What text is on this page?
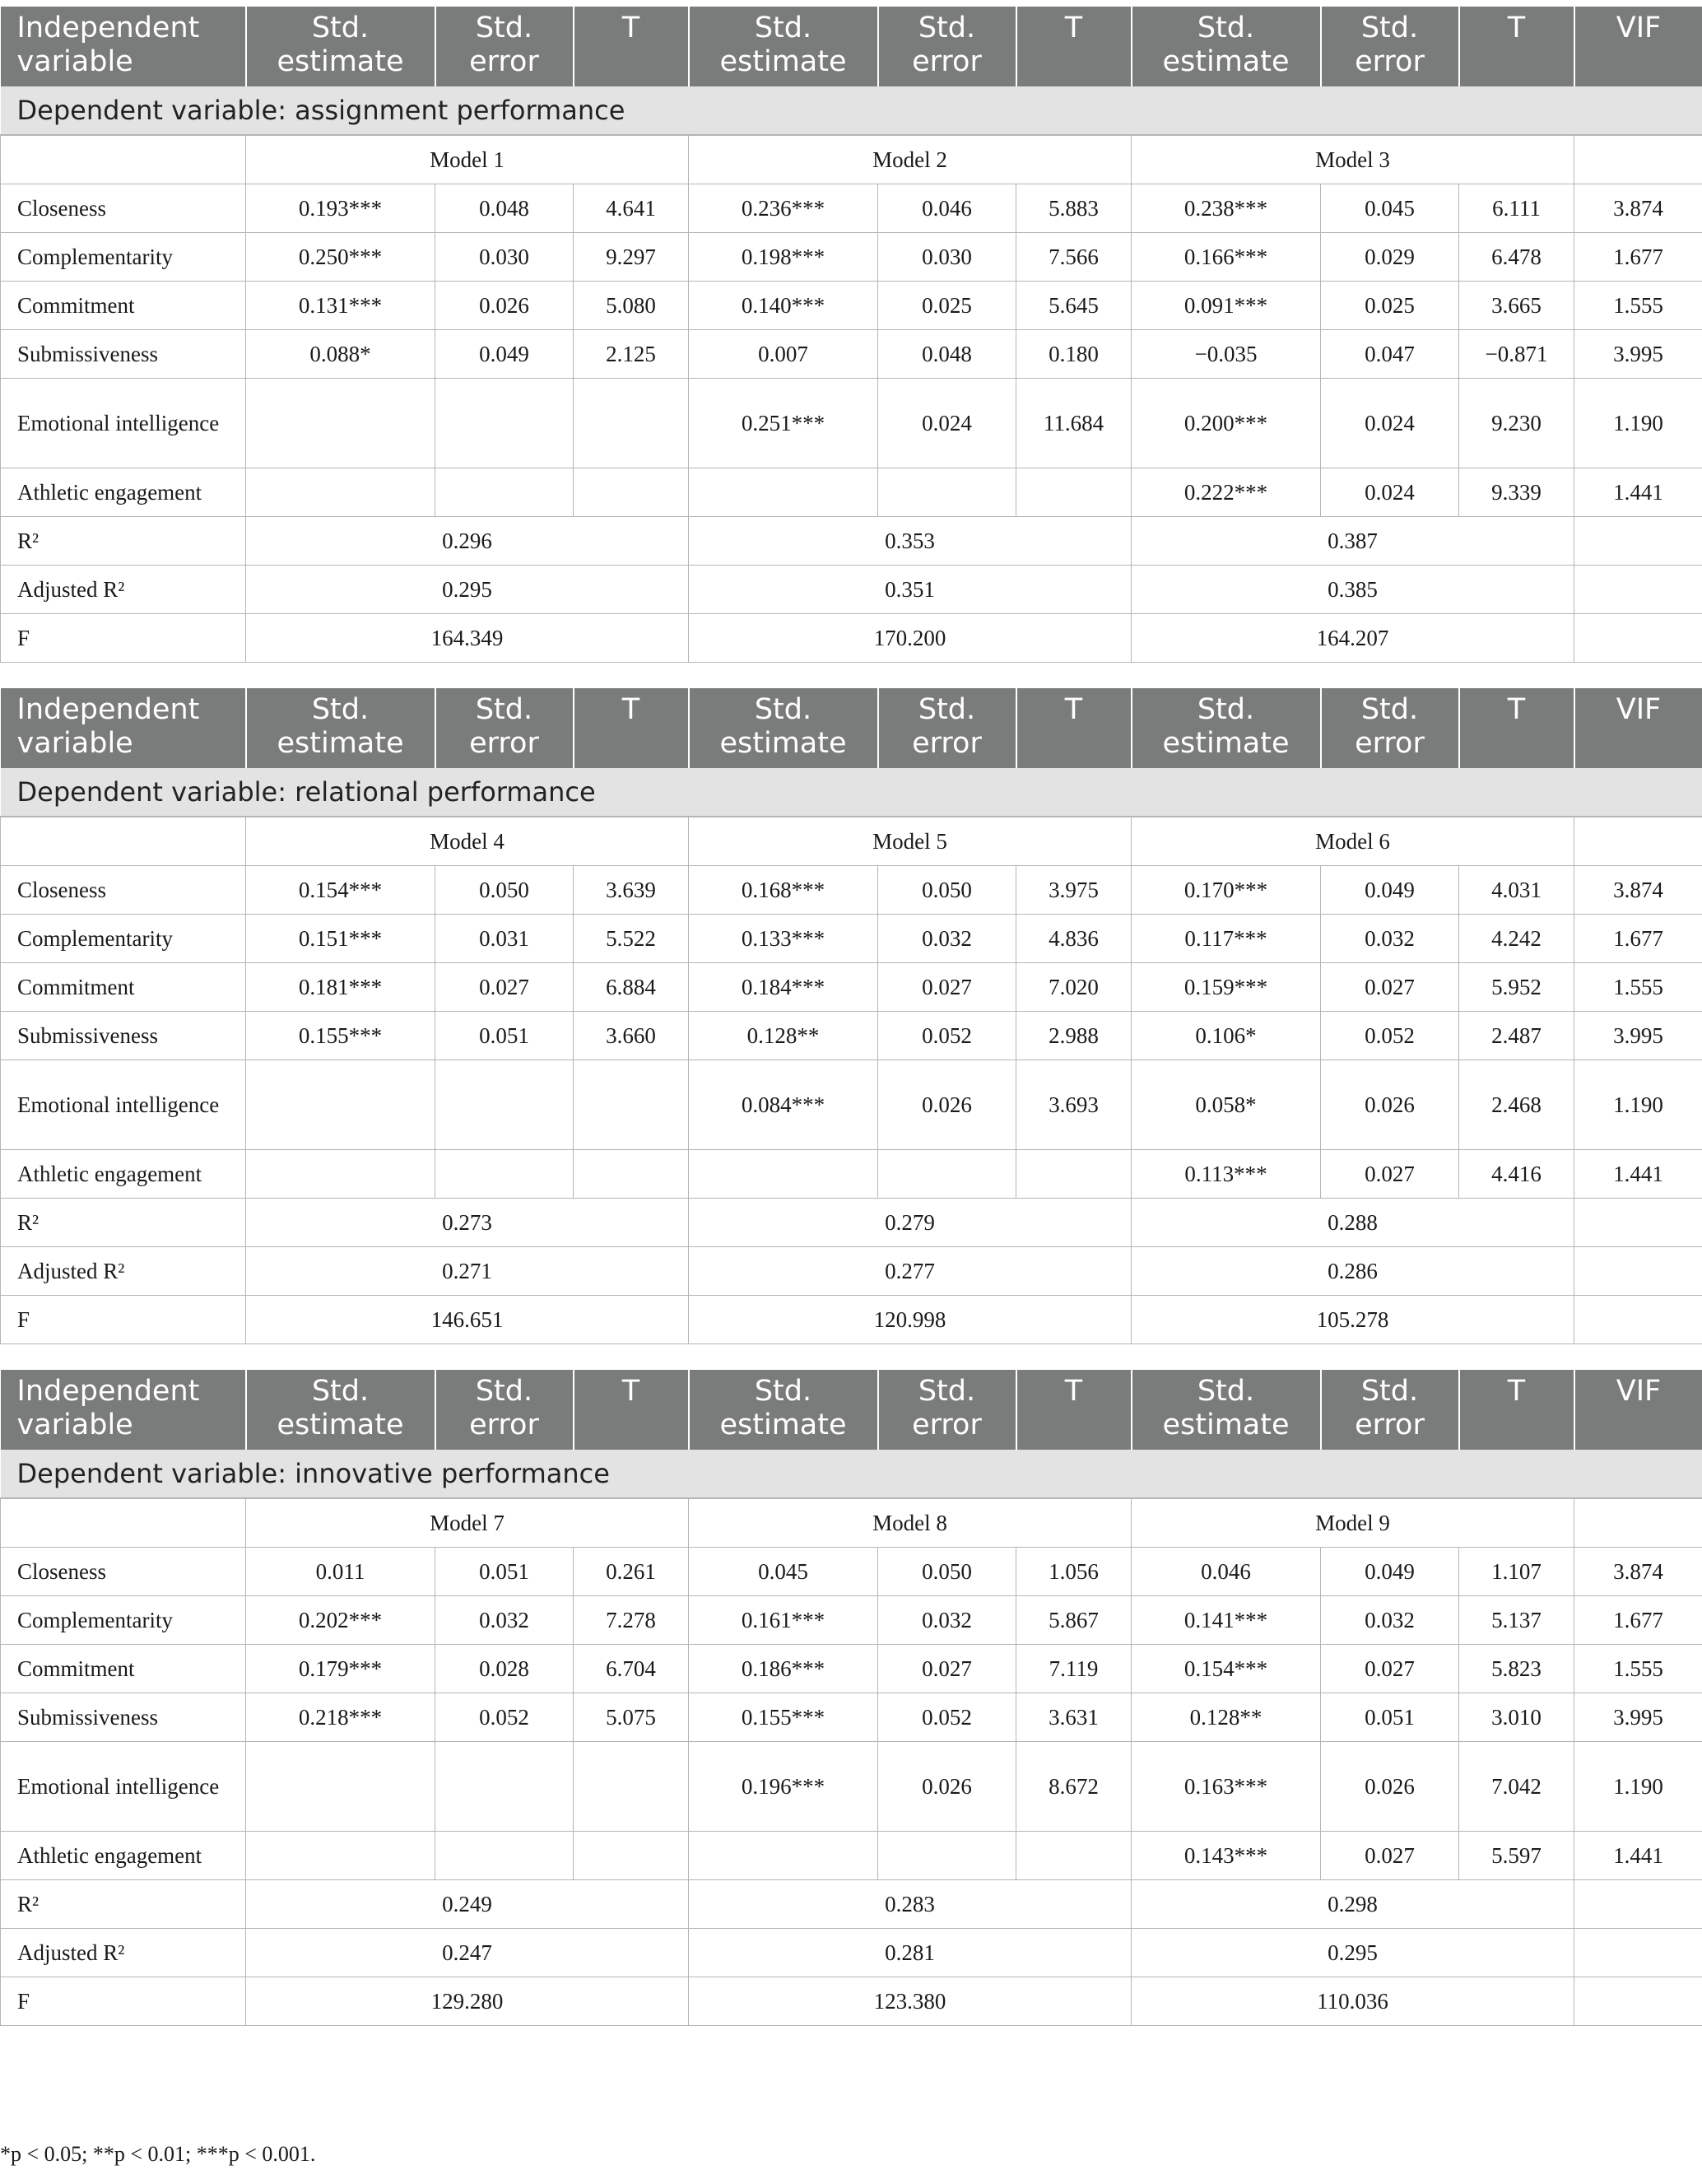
Independent variable	Std. estimate	Std. error	T	Std. estimate	Std. error	T	Std. estimate	Std. error	T	VIF
Dependent variable: assignment performance										
	Model 1			Model 2			Model 3			
Closeness	0.193***	0.048	4.641	0.236***	0.046	5.883	0.238***	0.045	6.111	3.874
Complementarity	0.250***	0.030	9.297	0.198***	0.030	7.566	0.166***	0.029	6.478	1.677
Commitment	0.131***	0.026	5.080	0.140***	0.025	5.645	0.091***	0.025	3.665	1.555
Submissiveness	0.088*	0.049	2.125	0.007	0.048	0.180	−0.035	0.047	−0.871	3.995
Emotional intelligence				0.251***	0.024	11.684	0.200***	0.024	9.230	1.190
Athletic engagement							0.222***	0.024	9.339	1.441
R²	0.296			0.353			0.387			
Adjusted R²	0.295			0.351			0.385			
F	164.349			170.200			164.207			
Independent variable	Std. estimate	Std. error	T	Std. estimate	Std. error	T	Std. estimate	Std. error	T	VIF
Dependent variable: relational performance										
	Model 4			Model 5			Model 6			
Closeness	0.154***	0.050	3.639	0.168***	0.050	3.975	0.170***	0.049	4.031	3.874
Complementarity	0.151***	0.031	5.522	0.133***	0.032	4.836	0.117***	0.032	4.242	1.677
Commitment	0.181***	0.027	6.884	0.184***	0.027	7.020	0.159***	0.027	5.952	1.555
Submissiveness	0.155***	0.051	3.660	0.128**	0.052	2.988	0.106*	0.052	2.487	3.995
Emotional intelligence				0.084***	0.026	3.693	0.058*	0.026	2.468	1.190
Athletic engagement							0.113***	0.027	4.416	1.441
R²	0.273			0.279			0.288			
Adjusted R²	0.271			0.277			0.286			
F	146.651			120.998			105.278			
Independent variable	Std. estimate	Std. error	T	Std. estimate	Std. error	T	Std. estimate	Std. error	T	VIF
Dependent variable: innovative performance										
	Model 7			Model 8			Model 9			
Closeness	0.011	0.051	0.261	0.045	0.050	1.056	0.046	0.049	1.107	3.874
Complementarity	0.202***	0.032	7.278	0.161***	0.032	5.867	0.141***	0.032	5.137	1.677
Commitment	0.179***	0.028	6.704	0.186***	0.027	7.119	0.154***	0.027	5.823	1.555
Submissiveness	0.218***	0.052	5.075	0.155***	0.052	3.631	0.128**	0.051	3.010	3.995
Emotional intelligence				0.196***	0.026	8.672	0.163***	0.026	7.042	1.190
Athletic engagement							0.143***	0.027	5.597	1.441
R²	0.249			0.283			0.298			
Adjusted R²	0.247			0.281			0.295			
F	129.280			123.380			110.036			
*p < 0.05; **p < 0.01; ***p < 0.001.
